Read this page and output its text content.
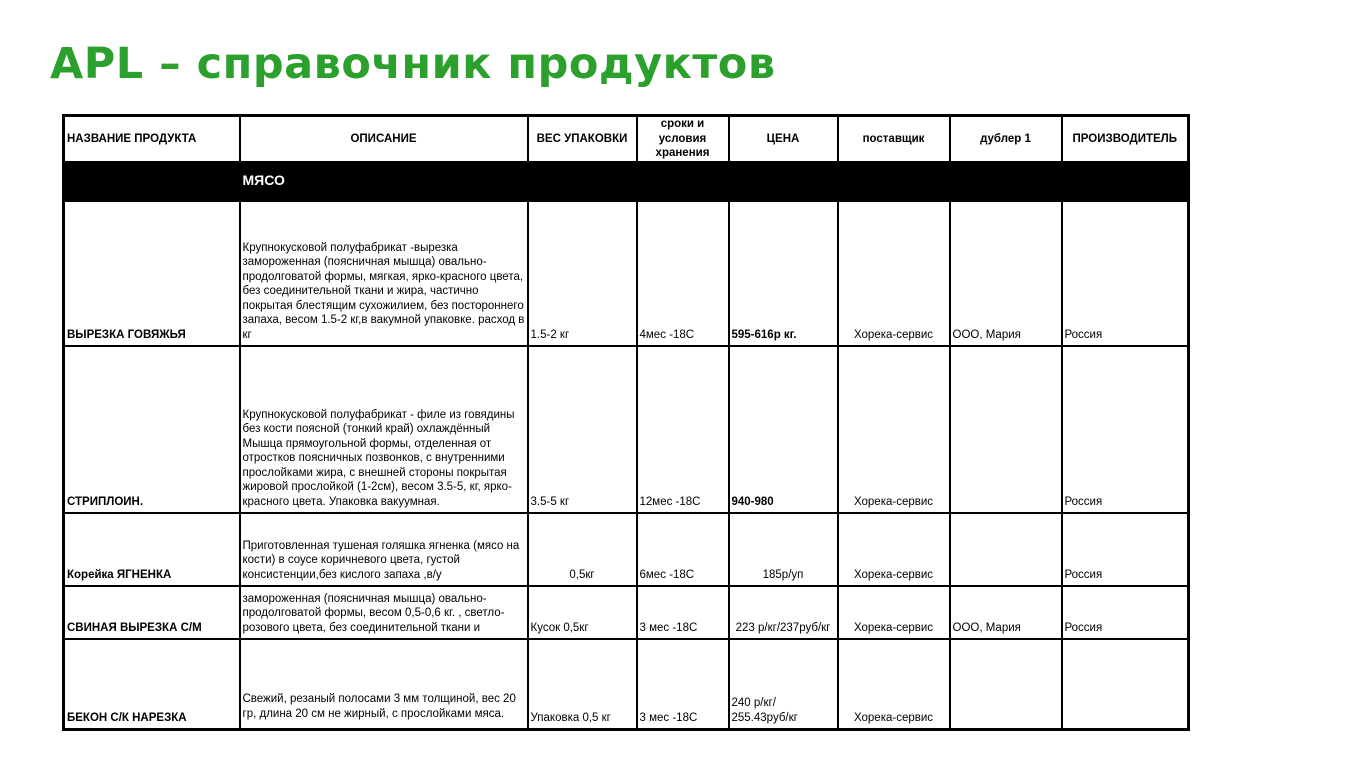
APL – справочник продуктов
НАЗВАНИЕ ПРОДУКТА	ОПИСАНИЕ	ВЕС УПАКОВКИ	сроки и условия хранения	ЦЕНА	поставщик	дублер 1	ПРОИЗВОДИТЕЛЬ
	МЯСО						
ВЫРЕЗКА ГОВЯЖЬЯ	Крупнокусковой полуфабрикат -вырезка замороженная (поясничная мышца) овально-продолговатой формы, мягкая, ярко-красного цвета, без соединительной ткани и жира, частично покрытая блестящим сухожилием, без постороннего запаха, весом 1.5-2 кг,в вакумной упаковке. расход в кг	1.5-2 кг	4мес -18С	595-616р кг.	Хорека-сервис	ООО, Мария	Россия
СТРИПЛОИН.	Крупнокусковой полуфабрикат - филе из говядины без кости поясной (тонкий край) охлаждённый Мышца прямоугольной формы, отделенная от отростков поясничных позвонков, с внутренними прослойками жира, с внешней стороны покрытая жировой прослойкой (1-2см), весом 3.5-5, кг, ярко-красного цвета. Упаковка вакуумная.	3.5-5 кг	12мес -18С	940-980	Хорека-сервис		Россия
Корейка ЯГНЕНКА	Приготовленная тушеная голяшка ягненка (мясо на кости) в соусе коричневого цвета, густой консистенции,без кислого запаха ,в/у	0,5кг	6мес -18С	185р/уп	Хорека-сервис		Россия
СВИНАЯ ВЫРЕЗКА С/М	замороженная (поясничная мышца) овально-продолговатой формы, весом 0,5-0,6 кг. , светло-розового цвета, без соединительной ткани и	Кусок 0,5кг	3 мес -18С	223 р/кг/237руб/кг	Хорека-сервис	ООО, Мария	Россия
БЕКОН С/К НАРЕЗКА	Свежий, резаный полосами 3 мм толщиной, вес 20 гр, длина 20 см не жирный, с прослойками мяса.	Упаковка 0,5 кг	3 мес -18С	240 р/кг/ 255.43руб/кг	Хорека-сервис		
